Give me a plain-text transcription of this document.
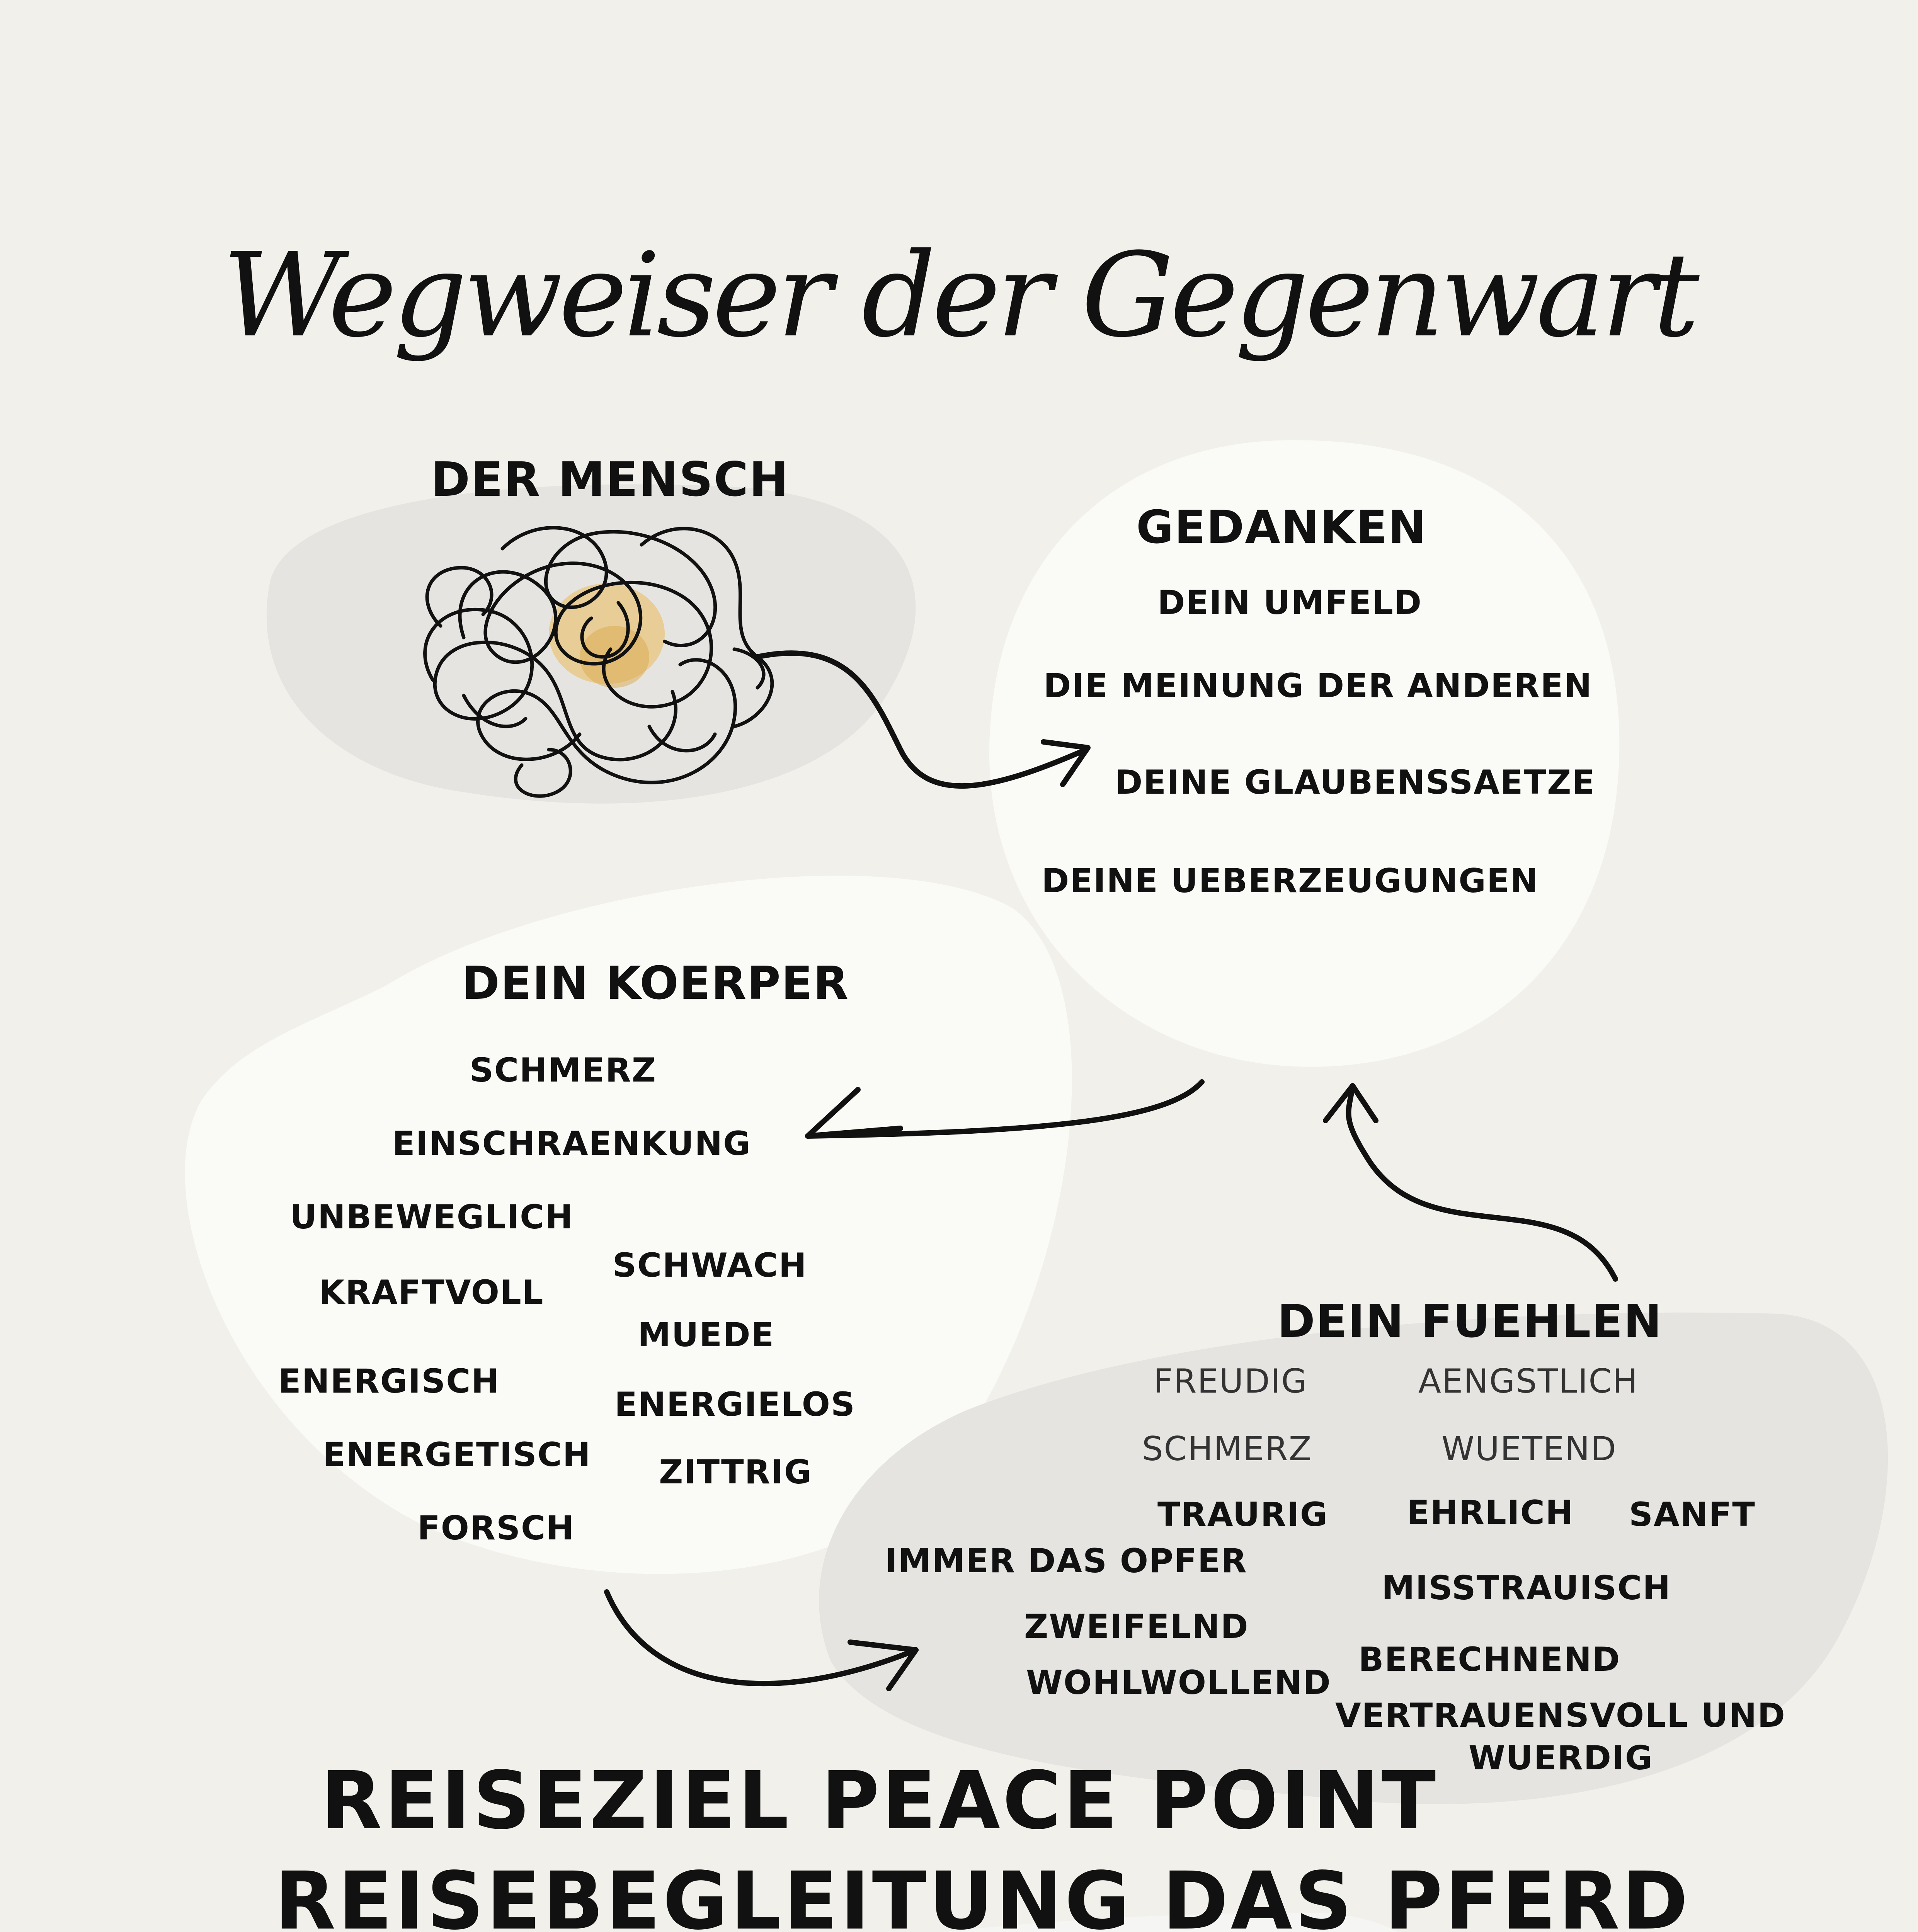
Wegweiser der Gegenwart
DER MENSCH
GEDANKEN
DEIN UMFELD
DIE MEINUNG DER ANDEREN
DEINE GLAUBENSSAETZE
DEINE UEBERZEUGUNGEN
DEIN KOERPER
SCHMERZ
EINSCHRAENKUNG
UNBEWEGLICH
KRAFTVOLL
SCHWACH
MUEDE
ENERGISCH
ENERGIELOS
ENERGETISCH ZITTRIG
FORSCH
DEIN FUEHLEN
FREUDIG	AENGSTLICH
SCHMERZ	WUETEND
TRAURIG EHRLICH SANFT
IMMER DAS OPFER
MISSTRAUISCH
ZWEIFELND
BERECHNEND
WOHLWOLLEND
VERTRAUENSVOLL UND
WUERDIG
REISEZIEL PEACE POINT
REISEBEGLEITUNG DAS PFERD
